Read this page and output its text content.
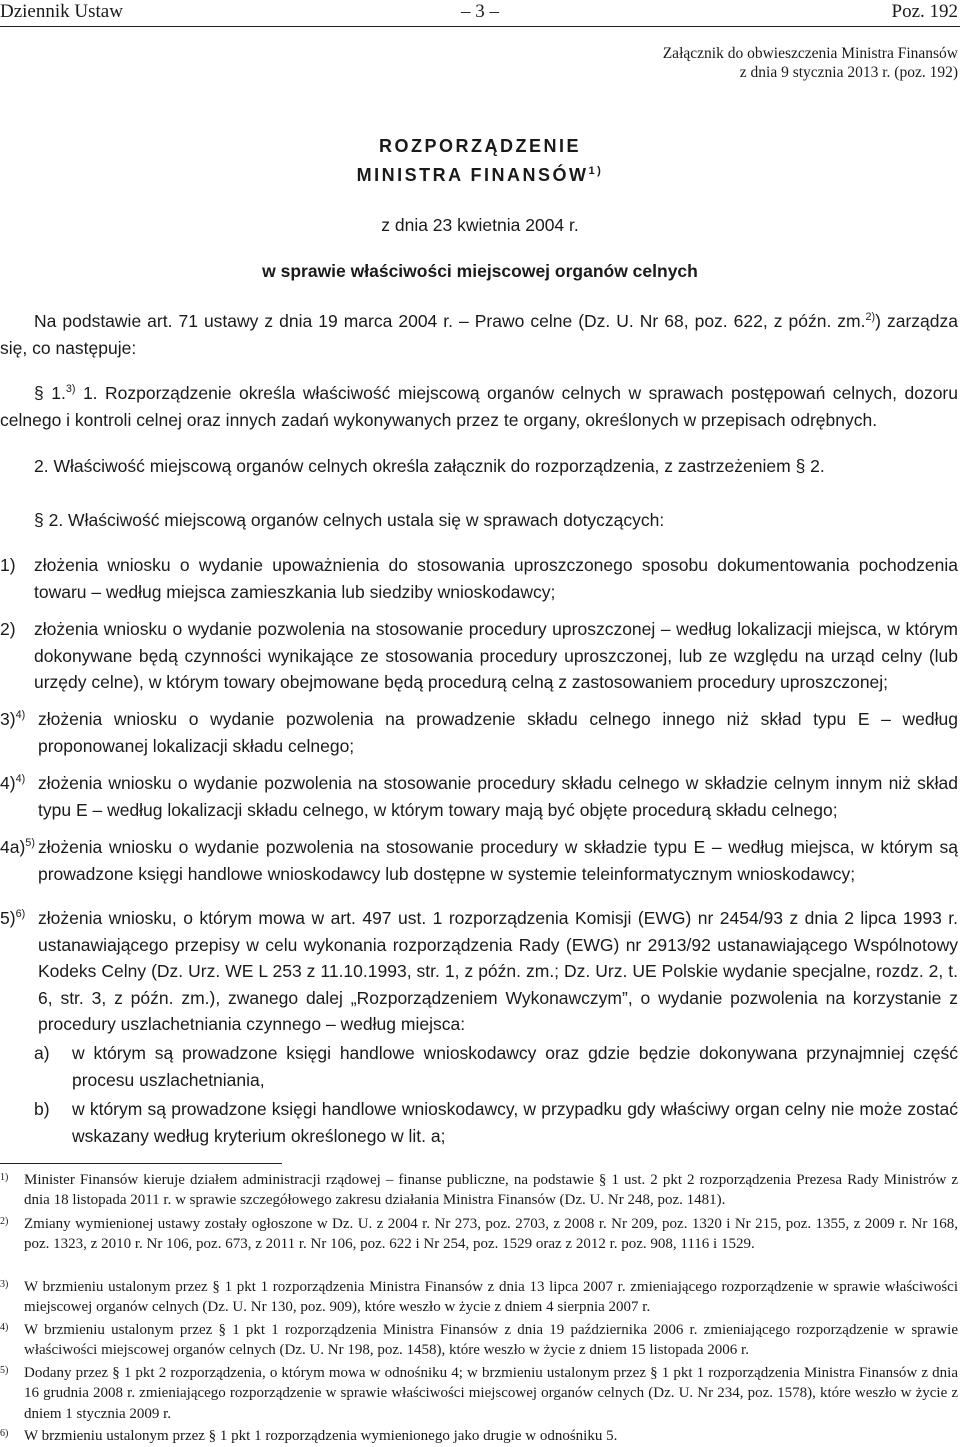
Dziennik Ustaw	– 3 –	Poz. 192
Załącznik do obwieszczenia Ministra Finansów
z dnia 9 stycznia 2013 r. (poz. 192)
ROZPORZĄDZENIE
MINISTRA FINANSÓW$^{1)}$
z dnia 23 kwietnia 2004 r.
w sprawie właściwości miejscowej organów celnych
Na podstawie art. 71 ustawy z dnia 19 marca 2004 r. – Prawo celne (Dz. U. Nr 68, poz. 622, z późn. zm.$^{2)}$) zarządza się, co następuje:
§ 1.$^{3)}$ 1. Rozporządzenie określa właściwość miejscową organów celnych w sprawach postępowań celnych, dozoru celnego i kontroli celnej oraz innych zadań wykonywanych przez te organy, określonych w przepisach odrębnych.
2. Właściwość miejscową organów celnych określa załącznik do rozporządzenia, z zastrzeżeniem § 2.
§ 2. Właściwość miejscową organów celnych ustala się w sprawach dotyczących:
1) złożenia wniosku o wydanie upoważnienia do stosowania uproszczonego sposobu dokumentowania pochodzenia towaru – według miejsca zamieszkania lub siedziby wnioskodawcy;
2) złożenia wniosku o wydanie pozwolenia na stosowanie procedury uproszczonej – według lokalizacji miejsca, w którym dokonywane będą czynności wynikające ze stosowania procedury uproszczonej, lub ze względu na urząd celny (lub urzędy celne), w którym towary obejmowane będą procedurą celną z zastosowaniem procedury uproszczonej;
3)$^{4)}$ złożenia wniosku o wydanie pozwolenia na prowadzenie składu celnego innego niż skład typu E – według proponowanej lokalizacji składu celnego;
4)$^{4)}$ złożenia wniosku o wydanie pozwolenia na stosowanie procedury składu celnego w składzie celnym innym niż skład typu E – według lokalizacji składu celnego, w którym towary mają być objęte procedurą składu celnego;
4a)$^{5)}$ złożenia wniosku o wydanie pozwolenia na stosowanie procedury w składzie typu E – według miejsca, w którym są prowadzone księgi handlowe wnioskodawcy lub dostępne w systemie teleinformatycznym wnioskodawcy;
5)$^{6)}$ złożenia wniosku, o którym mowa w art. 497 ust. 1 rozporządzenia Komisji (EWG) nr 2454/93 z dnia 2 lipca 1993 r. ustanawiającego przepisy w celu wykonania rozporządzenia Rady (EWG) nr 2913/92 ustanawiającego Wspólnotowy Kodeks Celny (Dz. Urz. WE L 253 z 11.10.1993, str. 1, z późn. zm.; Dz. Urz. UE Polskie wydanie specjalne, rozdz. 2, t. 6, str. 3, z późn. zm.), zwanego dalej „Rozporządzeniem Wykonawczym”, o wydanie pozwolenia na korzystanie z procedury uszlachetniania czynnego – według miejsca:
a) w którym są prowadzone księgi handlowe wnioskodawcy oraz gdzie będzie dokonywana przynajmniej część procesu uszlachetniania,
b) w którym są prowadzone księgi handlowe wnioskodawcy, w przypadku gdy właściwy organ celny nie może zostać wskazany według kryterium określonego w lit. a;
1) Minister Finansów kieruje działem administracji rządowej – finanse publiczne, na podstawie § 1 ust. 2 pkt 2 rozporządzenia Prezesa Rady Ministrów z dnia 18 listopada 2011 r. w sprawie szczegółowego zakresu działania Ministra Finansów (Dz. U. Nr 248, poz. 1481).
2) Zmiany wymienionej ustawy zostały ogłoszone w Dz. U. z 2004 r. Nr 273, poz. 2703, z 2008 r. Nr 209, poz. 1320 i Nr 215, poz. 1355, z 2009 r. Nr 168, poz. 1323, z 2010 r. Nr 106, poz. 673, z 2011 r. Nr 106, poz. 622 i Nr 254, poz. 1529 oraz z 2012 r. poz. 908, 1116 i 1529.
3) W brzmieniu ustalonym przez § 1 pkt 1 rozporządzenia Ministra Finansów z dnia 13 lipca 2007 r. zmieniającego rozporządzenie w sprawie właściwości miejscowej organów celnych (Dz. U. Nr 130, poz. 909), które weszło w życie z dniem 4 sierpnia 2007 r.
4) W brzmieniu ustalonym przez § 1 pkt 1 rozporządzenia Ministra Finansów z dnia 19 października 2006 r. zmieniającego rozporządzenie w sprawie właściwości miejscowej organów celnych (Dz. U. Nr 198, poz. 1458), które weszło w życie z dniem 15 listopada 2006 r.
5) Dodany przez § 1 pkt 2 rozporządzenia, o którym mowa w odnośniku 4; w brzmieniu ustalonym przez § 1 pkt 1 rozporządzenia Ministra Finansów z dnia 16 grudnia 2008 r. zmieniającego rozporządzenie w sprawie właściwości miejscowej organów celnych (Dz. U. Nr 234, poz. 1578), które weszło w życie z dniem 1 stycznia 2009 r.
6) W brzmieniu ustalonym przez § 1 pkt 1 rozporządzenia wymienionego jako drugie w odnośniku 5.
